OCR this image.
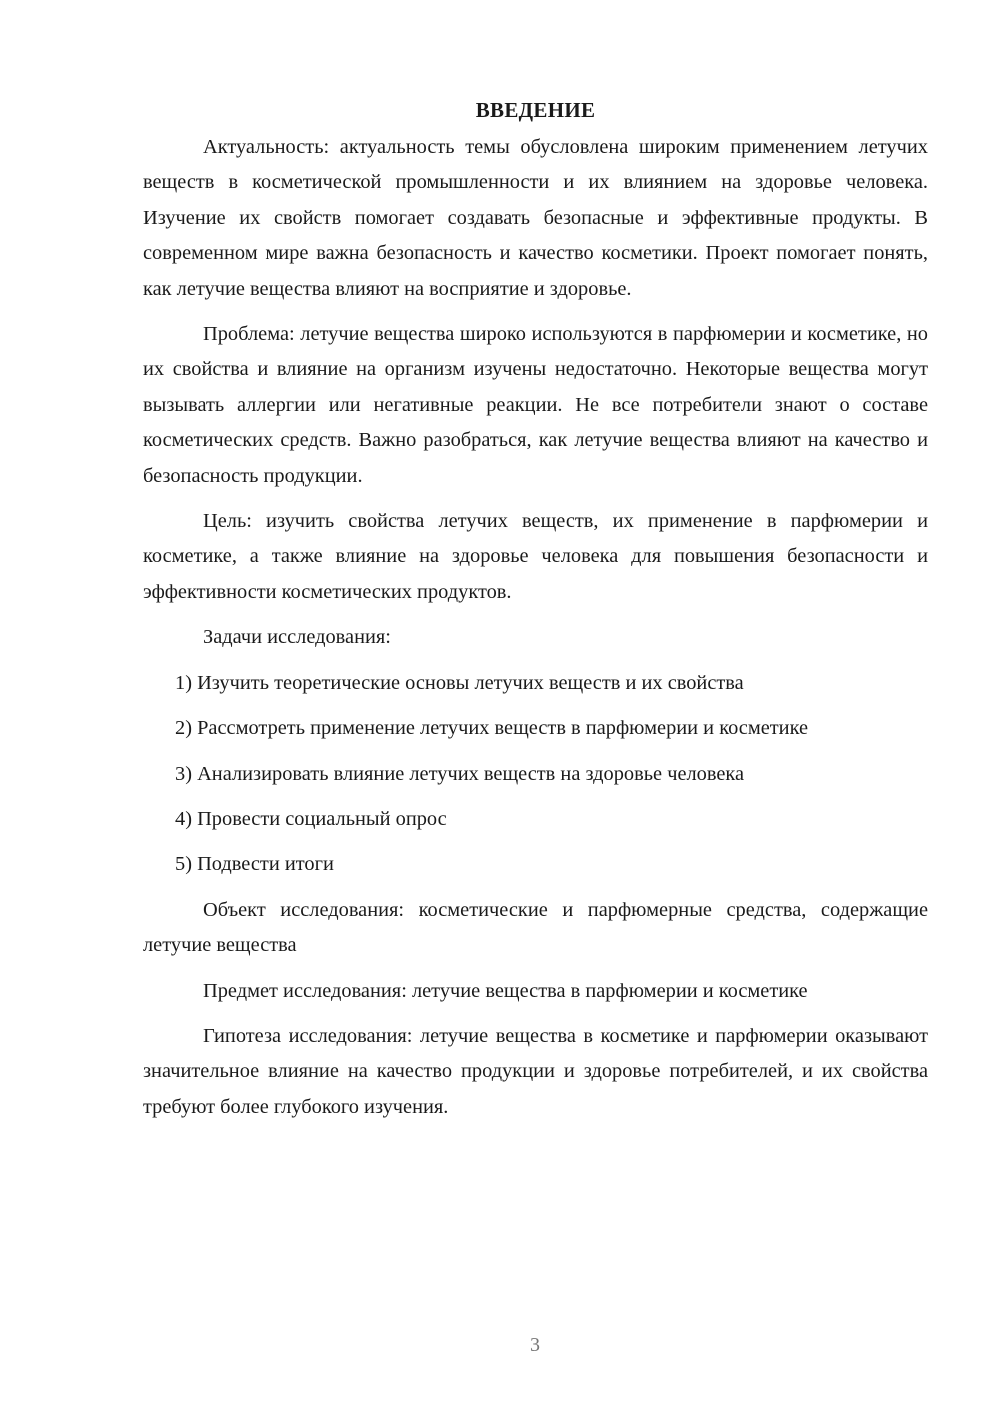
ВВЕДЕНИЕ

Актуальность: актуальность темы обусловлена широким применением летучих веществ в косметической промышленности и их влиянием на здоровье человека. Изучение их свойств помогает создавать безопасные и эффективные продукты. В современном мире важна безопасность и качество косметики. Проект помогает понять, как летучие вещества влияют на восприятие и здоровье.

Проблема: летучие вещества широко используются в парфюмерии и косметике, но их свойства и влияние на организм изучены недостаточно. Некоторые вещества могут вызывать аллергии или негативные реакции. Не все потребители знают о составе косметических средств. Важно разобраться, как летучие вещества влияют на качество и безопасность продукции.

Цель: изучить свойства летучих веществ, их применение в парфюмерии и косметике, а также влияние на здоровье человека для повышения безопасности и эффективности косметических продуктов.

Задачи исследования:

1) Изучить теоретические основы летучих веществ и их свойства

2) Рассмотреть применение летучих веществ в парфюмерии и косметике

3) Анализировать влияние летучих веществ на здоровье человека

4) Провести социальный опрос

5) Подвести итоги

Объект исследования: косметические и парфюмерные средства, содержащие летучие вещества

Предмет исследования: летучие вещества в парфюмерии и косметике

Гипотеза исследования: летучие вещества в косметике и парфюмерии оказывают значительное влияние на качество продукции и здоровье потребителей, и их свойства требуют более глубокого изучения.

3
